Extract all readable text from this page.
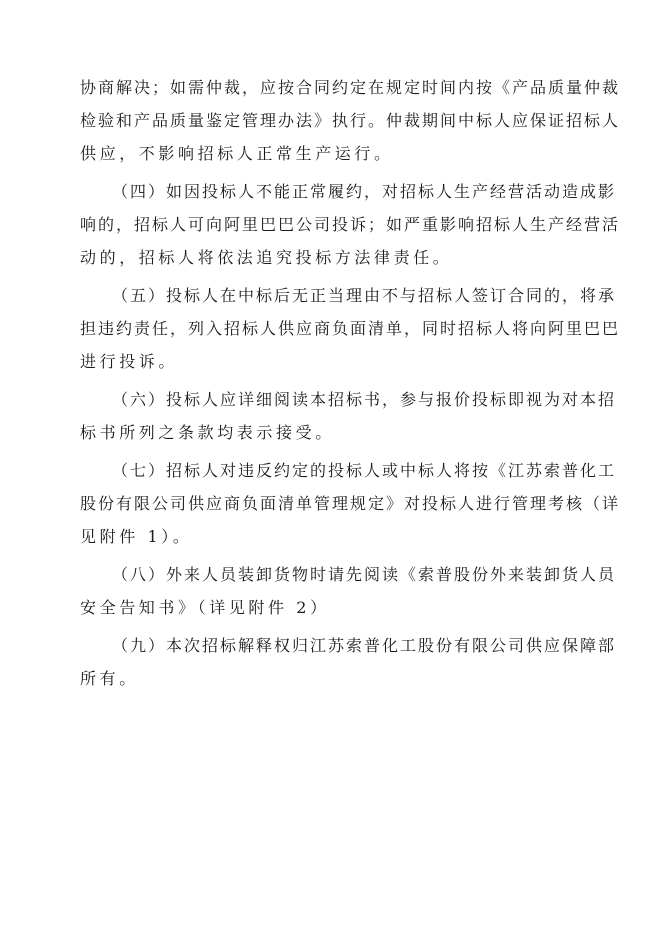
协商解决；如需仲裁，应按合同约定在规定时间内按《产品质量仲裁
检验和产品质量鉴定管理办法》执行。仲裁期间中标人应保证招标人
供应，不影响招标人正常生产运行。
（四）如因投标人不能正常履约，对招标人生产经营活动造成影
响的，招标人可向阿里巴巴公司投诉；如严重影响招标人生产经营活
动的，招标人将依法追究投标方法律责任。
（五）投标人在中标后无正当理由不与招标人签订合同的，将承
担违约责任，列入招标人供应商负面清单，同时招标人将向阿里巴巴
进行投诉。
（六）投标人应详细阅读本招标书，参与报价投标即视为对本招
标书所列之条款均表示接受。
（七）招标人对违反约定的投标人或中标人将按《江苏索普化工
股份有限公司供应商负面清单管理规定》对投标人进行管理考核（详
见附件 1）。
（八）外来人员装卸货物时请先阅读《索普股份外来装卸货人员
安全告知书》（详见附件 2）
（九）本次招标解释权归江苏索普化工股份有限公司供应保障部
所有。
